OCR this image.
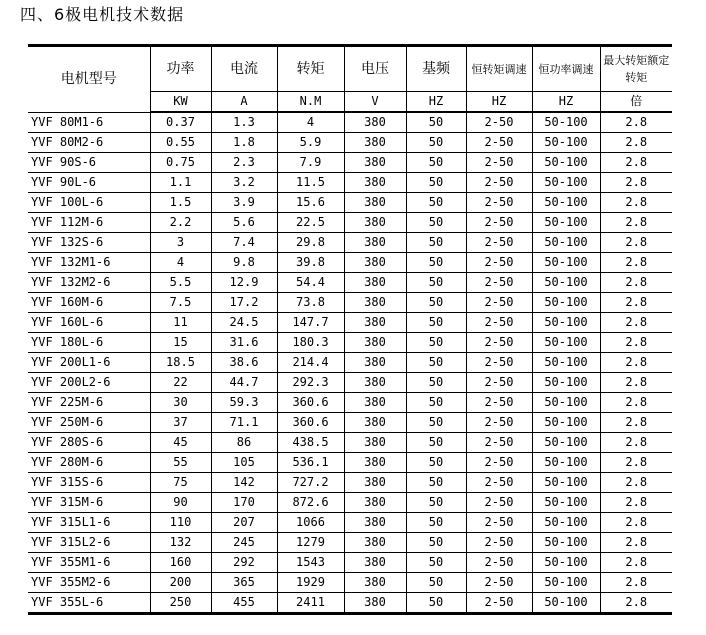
四、6极电机技术数据
电机型号	功率	电流	转矩	电压	基频	恒转矩调速	恒功率调速	最大转矩额定转矩
	KW	A	N.M	V	HZ	HZ	HZ	倍
YVF 80M1-6	0.37	1.3	4	380	50	2-50	50-100	2.8
YVF 80M2-6	0.55	1.8	5.9	380	50	2-50	50-100	2.8
YVF 90S-6	0.75	2.3	7.9	380	50	2-50	50-100	2.8
YVF 90L-6	1.1	3.2	11.5	380	50	2-50	50-100	2.8
YVF 100L-6	1.5	3.9	15.6	380	50	2-50	50-100	2.8
YVF 112M-6	2.2	5.6	22.5	380	50	2-50	50-100	2.8
YVF 132S-6	3	7.4	29.8	380	50	2-50	50-100	2.8
YVF 132M1-6	4	9.8	39.8	380	50	2-50	50-100	2.8
YVF 132M2-6	5.5	12.9	54.4	380	50	2-50	50-100	2.8
YVF 160M-6	7.5	17.2	73.8	380	50	2-50	50-100	2.8
YVF 160L-6	11	24.5	147.7	380	50	2-50	50-100	2.8
YVF 180L-6	15	31.6	180.3	380	50	2-50	50-100	2.8
YVF 200L1-6	18.5	38.6	214.4	380	50	2-50	50-100	2.8
YVF 200L2-6	22	44.7	292.3	380	50	2-50	50-100	2.8
YVF 225M-6	30	59.3	360.6	380	50	2-50	50-100	2.8
YVF 250M-6	37	71.1	360.6	380	50	2-50	50-100	2.8
YVF 280S-6	45	86	438.5	380	50	2-50	50-100	2.8
YVF 280M-6	55	105	536.1	380	50	2-50	50-100	2.8
YVF 315S-6	75	142	727.2	380	50	2-50	50-100	2.8
YVF 315M-6	90	170	872.6	380	50	2-50	50-100	2.8
YVF 315L1-6	110	207	1066	380	50	2-50	50-100	2.8
YVF 315L2-6	132	245	1279	380	50	2-50	50-100	2.8
YVF 355M1-6	160	292	1543	380	50	2-50	50-100	2.8
YVF 355M2-6	200	365	1929	380	50	2-50	50-100	2.8
YVF 355L-6	250	455	2411	380	50	2-50	50-100	2.8
